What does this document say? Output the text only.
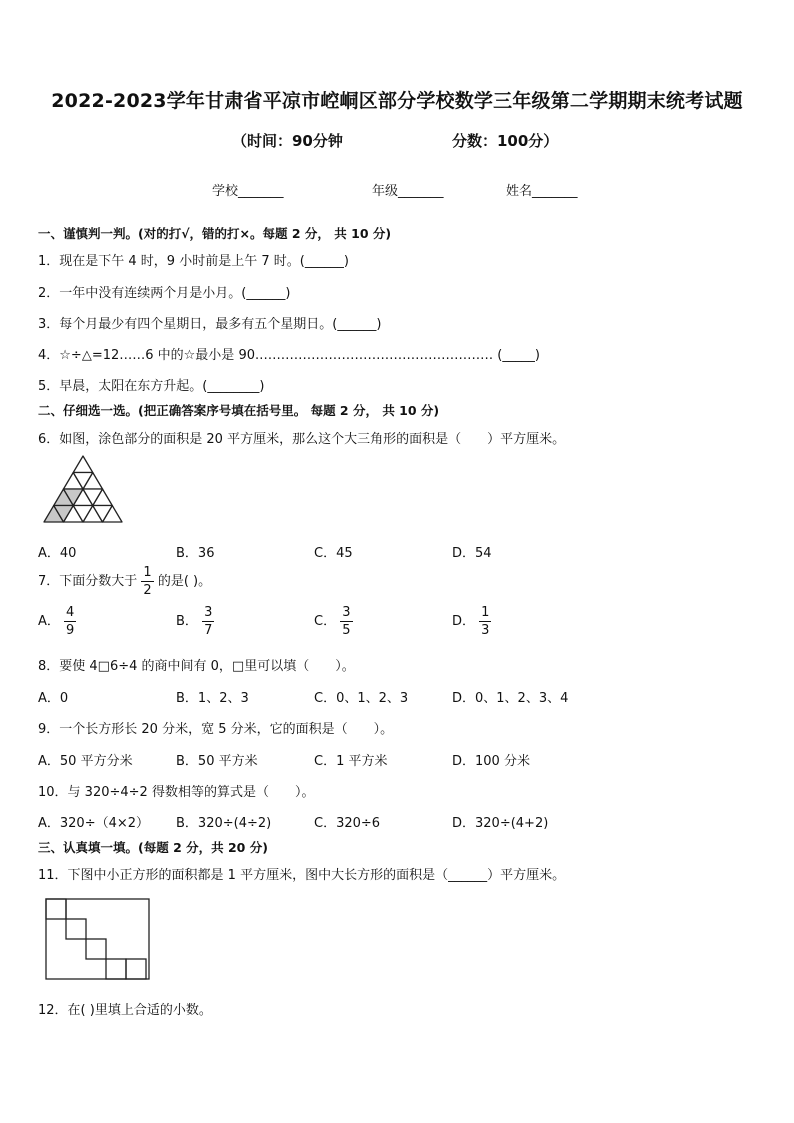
2022-2023学年甘肃省平凉市崆峒区部分学校数学三年级第二学期期末统考试题
（时间：90分钟	分数：100分）
学校_______	年级_______	姓名_______
一、谨慎判一判。(对的打√，错的打×。每题 2 分， 共 10 分)
1．现在是下午 4 时，9 小时前是上午 7 时。(______)
2．一年中没有连续两个月是小月。(______)
3．每个月最少有四个星期日，最多有五个星期日。(______)
4．☆÷△=12……6 中的☆最小是 90.……………………………………………… (_____)
5．早晨，太阳在东方升起。(________)
二、仔细选一选。(把正确答案序号填在括号里。 每题 2 分， 共 10 分)
6．如图，涂色部分的面积是 20 平方厘米，那么这个大三角形的面积是（　　）平方厘米。
A．40	B．36	C．45	D．54
7．下面分数大于 $\frac{1}{2}$ 的是( )。
A． $\frac{4}{9}$	B． $\frac{3}{7}$	C． $\frac{3}{5}$	D． $\frac{1}{3}$
8．要使 4□6÷4 的商中间有 0，□里可以填（　　）。
A．0	B．1、2、3	C．0、1、2、3	D．0、1、2、3、4
9．一个长方形长 20 分米，宽 5 分米，它的面积是（　　）。
A．50 平方分米	B．50 平方米	C．1 平方米	D．100 分米
10．与 320÷4÷2 得数相等的算式是（　　）。
A．320÷（4×2） B．320÷(4÷2)	C．320÷6	D．320÷(4+2)
三、认真填一填。(每题 2 分，共 20 分)
11．下图中小正方形的面积都是 1 平方厘米，图中大长方形的面积是（______）平方厘米。
12．在( )里填上合适的小数。
